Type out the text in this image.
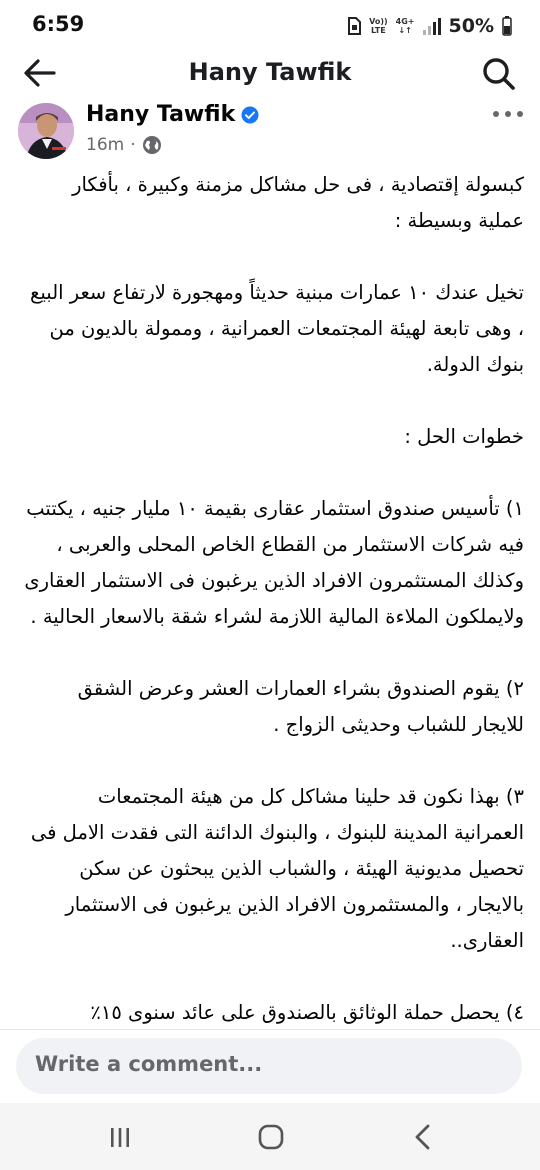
6:59	Vo))
LTE
4G+
↓↑ 50%
Hany Tawfik
Hany Tawfik
16m ·

كبسولة إقتصادية ، فى حل مشاكل مزمنة وكبيرة ، بأفكار عملية وبسيطة :

تخيل عندك ١٠ عمارات مبنية حديثاً ومهجورة لارتفاع سعر البيع ، وهى تابعة لهيئة المجتمعات العمرانية ، وممولة بالديون من بنوك الدولة.

خطوات الحل :

١) تأسيس صندوق استثمار عقارى بقيمة ١٠ مليار جنيه ، يكتتب فيه شركات الاستثمار من القطاع الخاص المحلى والعربى ، وكذلك المستثمرون الافراد الذين يرغبون فى الاستثمار العقارى ولايملكون الملاءة المالية اللازمة لشراء شقة بالاسعار الحالية .

٢) يقوم الصندوق بشراء العمارات العشر وعرض الشقق للايجار للشباب وحديثى الزواج .

٣) بهذا نكون قد حلينا مشاكل كل من هيئة المجتمعات العمرانية المدينة للبنوك ، والبنوك الدائنة التى فقدت الامل فى تحصيل مديونية الهيئة ، والشباب الذين يبحثون عن سكن بالايجار ، والمستثمرون الافراد الذين يرغبون فى الاستثمار العقارى..

٤) يحصل حملة الوثائق بالصندوق على عائد سنوى ١٥٪

Write a comment...
